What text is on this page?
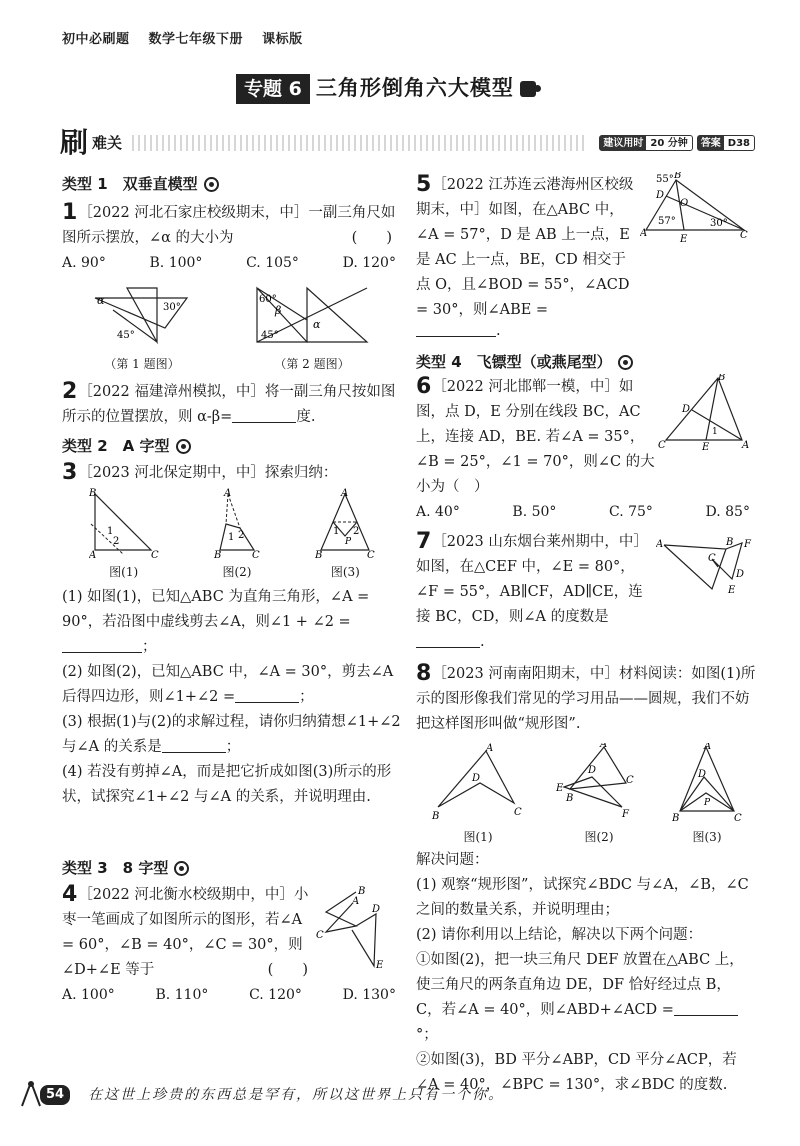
初中必刷题 数学七年级下册 课标版
专题 6 三角形倒角六大模型
刷 难关	建议用时 20 分钟	答案 D38
类型 1　双垂直模型
1［2022 河北石家庄校级期末，中］一副三角尺如图所示摆放，∠α 的大小为	(　　)
A. 90°	B. 100°	C. 105°	D. 120°
α
30°
45°
（第 1 题图）
60°
β
45°
α
（第 2 题图）
2［2022 福建漳州模拟，中］将一副三角尺按如图所示的位置摆放，则 α-β=	度.
类型 2　A 字型
3［2023 河北保定期中，中］探索归纳：
B
A	C
1
2
图(1)
A
B	C
1 2
图(2)
A
B	C
1 2
P
图(3)
(1) 如图(1)，已知△ABC 为直角三角形，∠A = 90°，若沿图中虚线剪去∠A，则∠1 + ∠2 =
；
(2) 如图(2)，已知△ABC 中，∠A = 30°，剪去∠A 后得四边形，则∠1+∠2 =	；
(3) 根据(1)与(2)的求解过程，请你归纳猜想∠1+∠2 与∠A 的关系是	；
(4) 若没有剪掉∠A，而是把它折成如图(3)所示的形状，试探究∠1+∠2 与∠A 的关系，并说明理由.
类型 3　8 字型
4［2022 河北衡水校级期中，中］小枣一笔画成了如图所示的图形，若∠A = 60°，∠B = 40°，∠C = 30°，则∠D+∠E 等于	(　　)
B
A
C
D
E
A. 100°	B. 110°	C. 120°	D. 130°
5［2022 江苏连云港海州区校级期末，中］如图，在△ABC 中，∠A = 57°，D 是 AB 上一点，E 是 AC 上一点，BE，CD 相交于点 O，且∠BOD = 55°，∠ACD = 30°，则∠ABE =
55° B
D
O
57°	30°
A
E	C
.
类型 4　飞镖型（或燕尾型）
6［2022 河北邯郸一模，中］如图，点 D，E 分别在线段 BC，AC 上，连接 AD，BE. 若∠A = 35°，∠B = 25°，∠1 = 70°，则∠C 的大小为（　）
B
D
1
C	E	A
A. 40°	B. 50°	C. 75°	D. 85°
7［2023 山东烟台莱州期中，中］如图，在△CEF 中，∠E = 80°，∠F = 55°，AB∥CF，AD∥CE，连接 BC，CD，则∠A 的度数是.
A	B F
C
D
E
8［2023 河南南阳期末，中］材料阅读：如图(1)所示的图形像我们常见的学习用品——圆规，我们不妨把这样图形叫做“规形图”.
A
D
B	C
图(1)
A
D
E
B
C
F
图(2)
A
D
P
B	C
图(3)
解决问题：
(1) 观察“规形图”，试探究∠BDC 与∠A，∠B，∠C 之间的数量关系，并说明理由；
(2) 请你利用以上结论，解决以下两个问题：
①如图(2)，把一块三角尺 DEF 放置在△ABC 上，使三角尺的两条直角边 DE，DF 恰好经过点 B，C，若∠A = 40°，则∠ABD+∠ACD =°；
②如图(3)，BD 平分∠ABP，CD 平分∠ACP，若∠A = 40°，∠BPC = 130°，求∠BDC 的度数.
54	在这世上珍贵的东西总是罕有，所以这世界上只有一个你。
